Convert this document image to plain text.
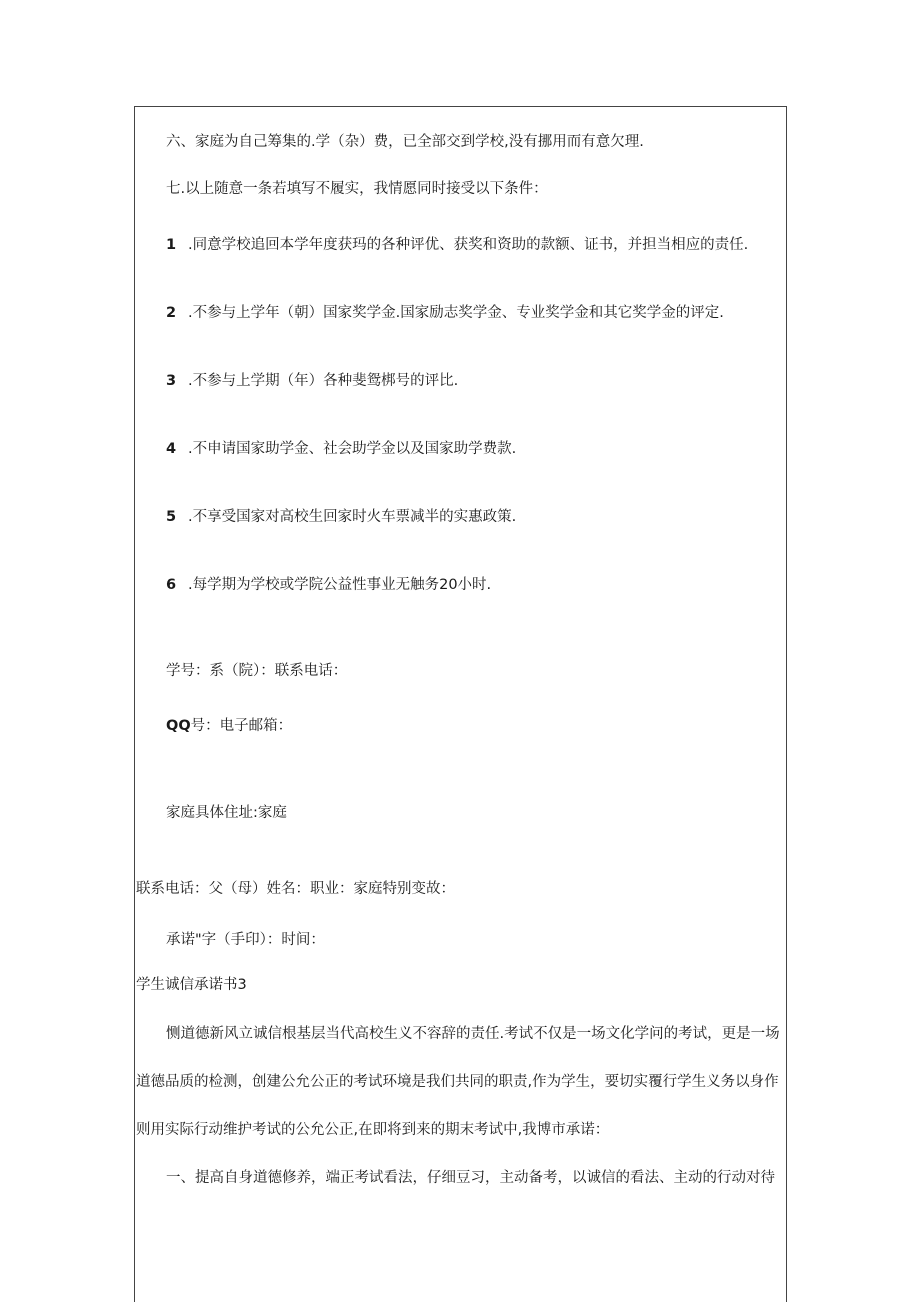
六、家庭为自己筹集的.学（杂）费，已全部交到学校,没有挪用而有意欠理.
七.以上随意一条若填写不履实，我情愿同时接受以下条件：
1 .同意学校追回本学年度获玛的各种评优、获奖和资助的款额、证书，并担当相应的责任.
2 .不参与上学年（朝）国家奖学金.国家励志奖学金、专业奖学金和其它奖学金的评定.
3 .不参与上学期（年）各种斐鸳梆号的评比.
4 .不申请国家助学金、社会助学金以及国家助学费款.
5 .不享受国家对高校生回家时火车票减半的实惠政策.
6 .每学期为学校或学院公益性事业无触务20小时.
学号：系（院）：联系电话：
QQ号：电子邮箱：
家庭具体住址:家庭
联系电话：父（母）姓名：职业：家庭特别变故：
承诺"字（手印）：时间：
学生诚信承诺书3
恻道德新风立诚信根基层当代高校生义不容辞的责任.考试不仅是一场文化学问的考试，更是一场
道德品质的检测，创建公允公正的考试环境是我们共同的职责,作为学生，要切实覆行学生义务以身作
则用实际行动维护考试的公允公正,在即将到来的期末考试中,我博市承诺：
一、提高自身道德修养，端正考试看法，仔细豆习，主动备考，以诚信的看法、主动的行动对待
